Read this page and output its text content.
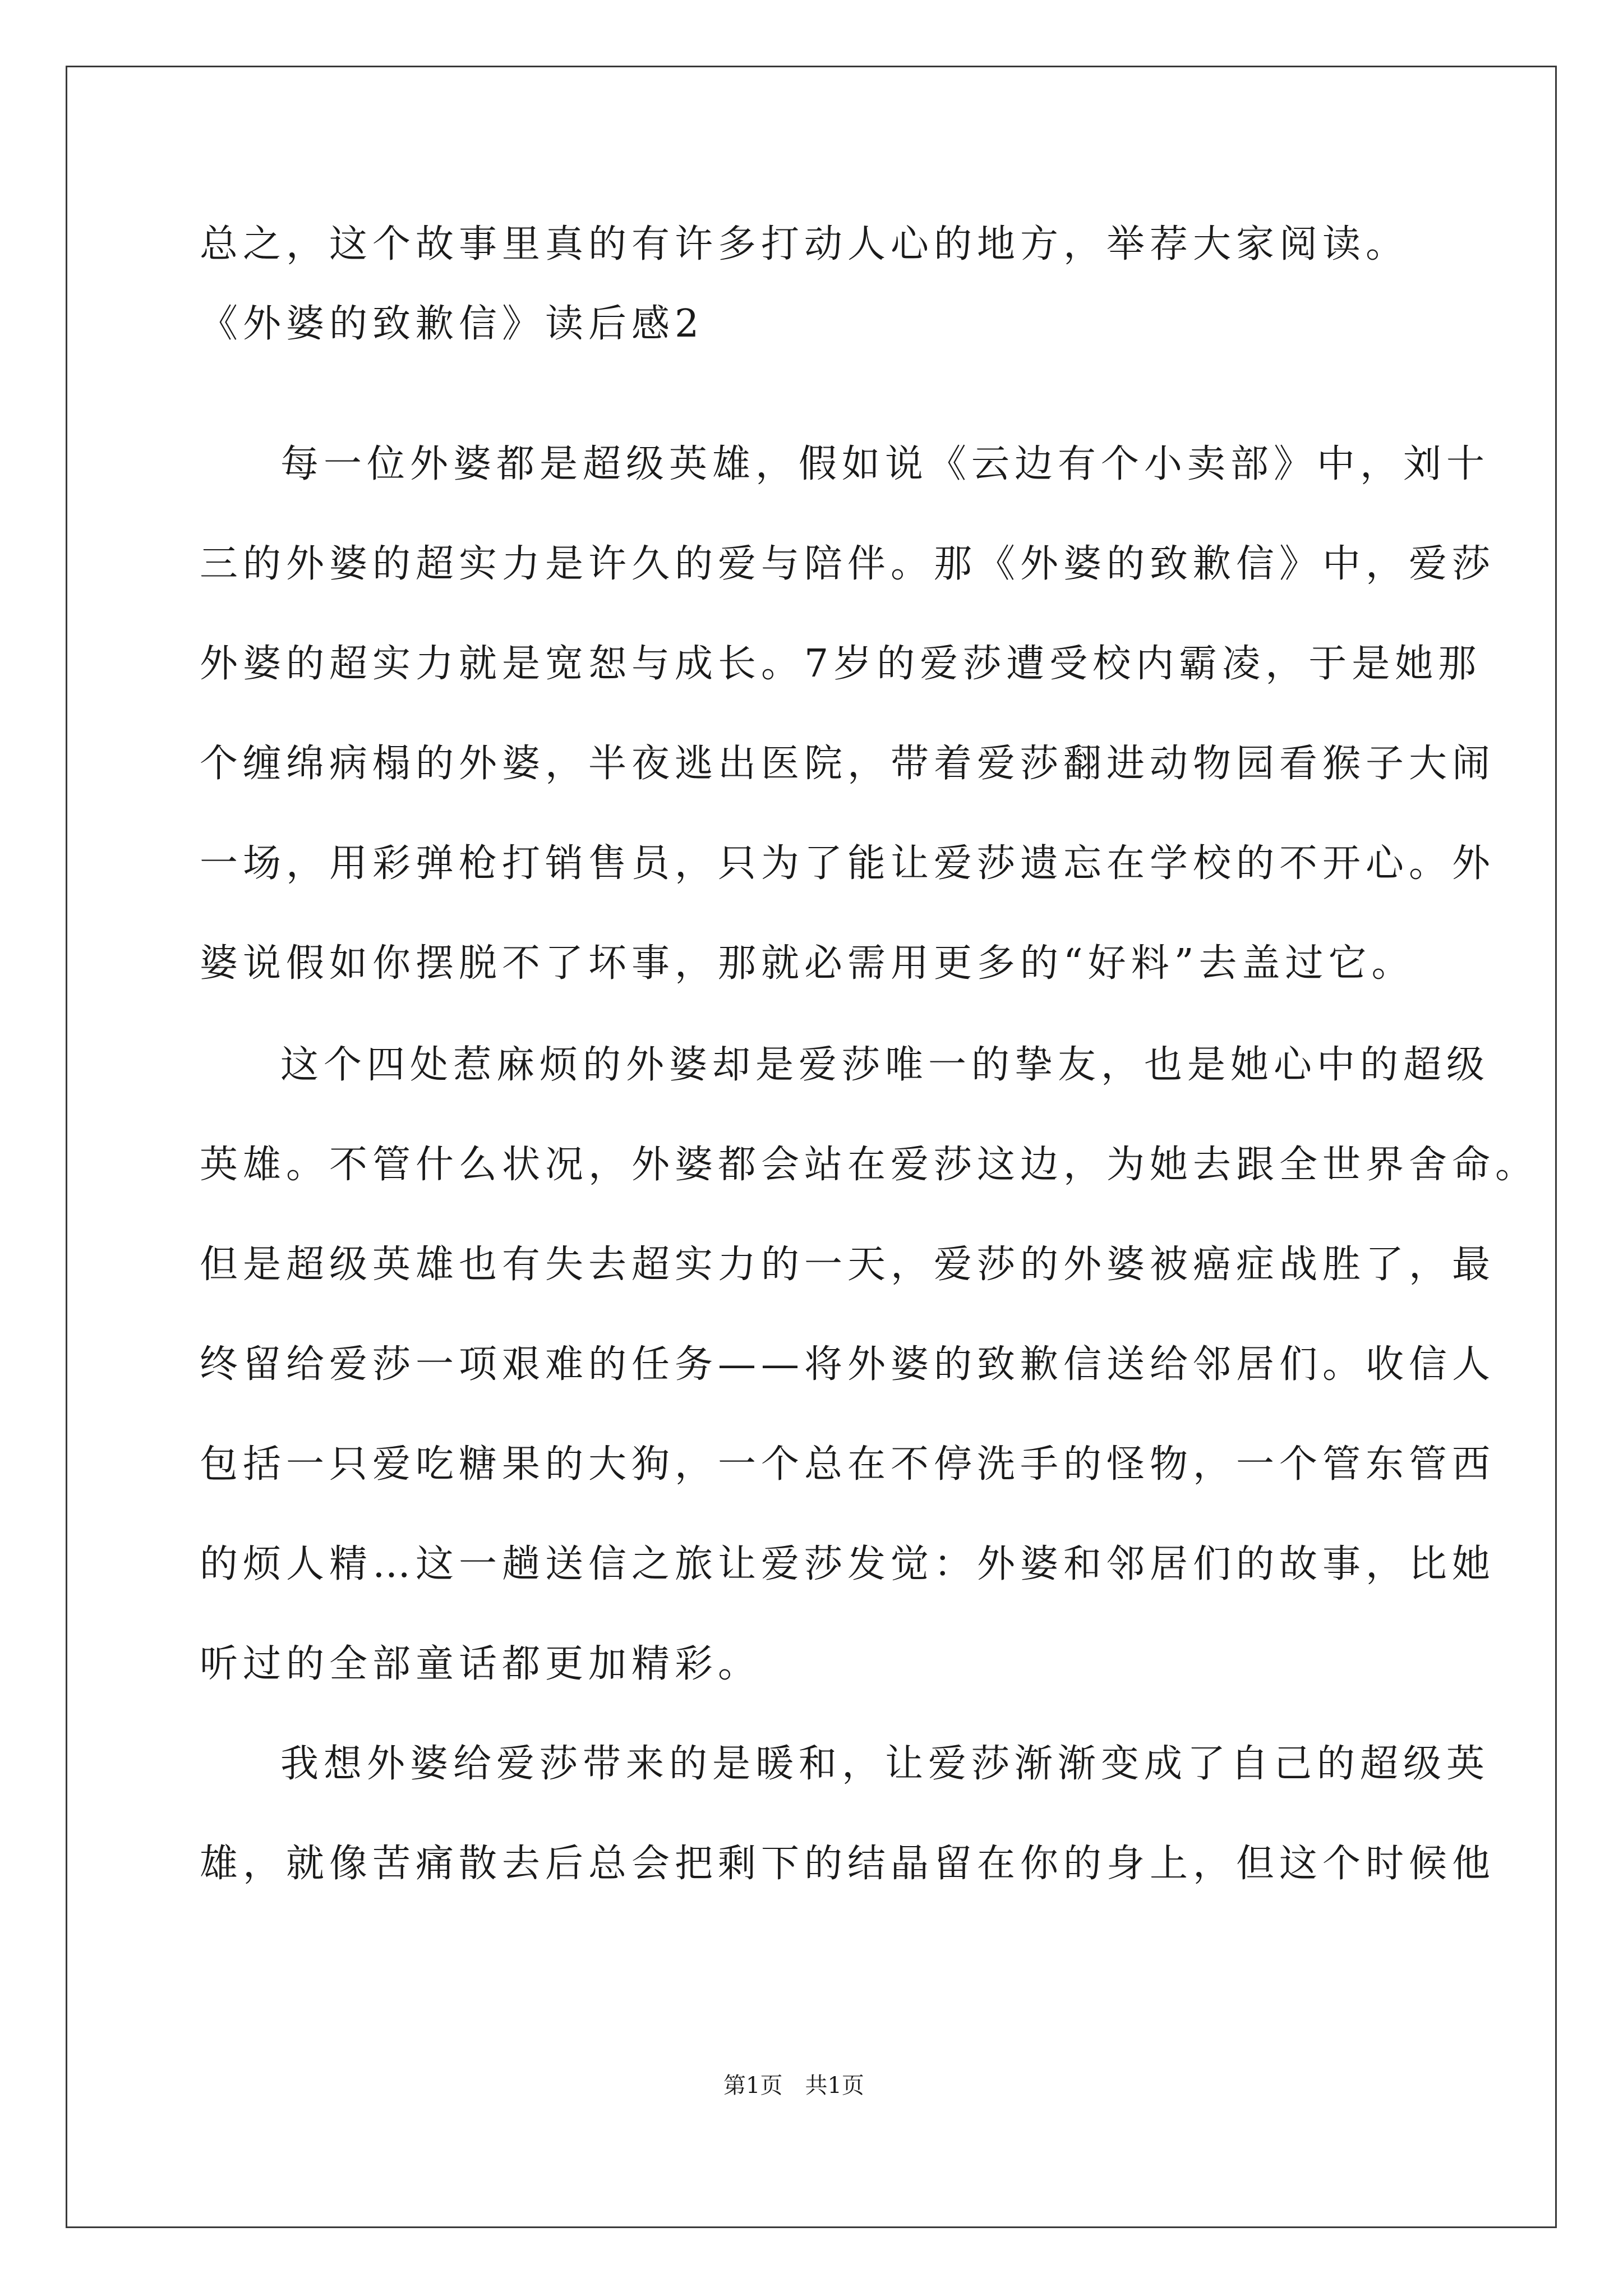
总之，这个故事里真的有许多打动人心的地方，举荐大家阅读。
《外婆的致歉信》读后感2
每一位外婆都是超级英雄，假如说《云边有个小卖部》中，刘十
三的外婆的超实力是许久的爱与陪伴。那《外婆的致歉信》中，爱莎
外婆的超实力就是宽恕与成长。7岁的爱莎遭受校内霸凌，于是她那
个缠绵病榻的外婆，半夜逃出医院，带着爱莎翻进动物园看猴子大闹
一场，用彩弹枪打销售员，只为了能让爱莎遗忘在学校的不开心。外
婆说假如你摆脱不了坏事，那就必需用更多的“好料”去盖过它。
这个四处惹麻烦的外婆却是爱莎唯一的挚友，也是她心中的超级
英雄。不管什么状况，外婆都会站在爱莎这边，为她去跟全世界舍命。
但是超级英雄也有失去超实力的一天，爱莎的外婆被癌症战胜了，最
终留给爱莎一项艰难的任务——将外婆的致歉信送给邻居们。收信人
包括一只爱吃糖果的大狗，一个总在不停洗手的怪物，一个管东管西
的烦人精…这一趟送信之旅让爱莎发觉：外婆和邻居们的故事，比她
听过的全部童话都更加精彩。
我想外婆给爱莎带来的是暖和，让爱莎渐渐变成了自己的超级英
雄，就像苦痛散去后总会把剩下的结晶留在你的身上，但这个时候他
第1页　共1页
